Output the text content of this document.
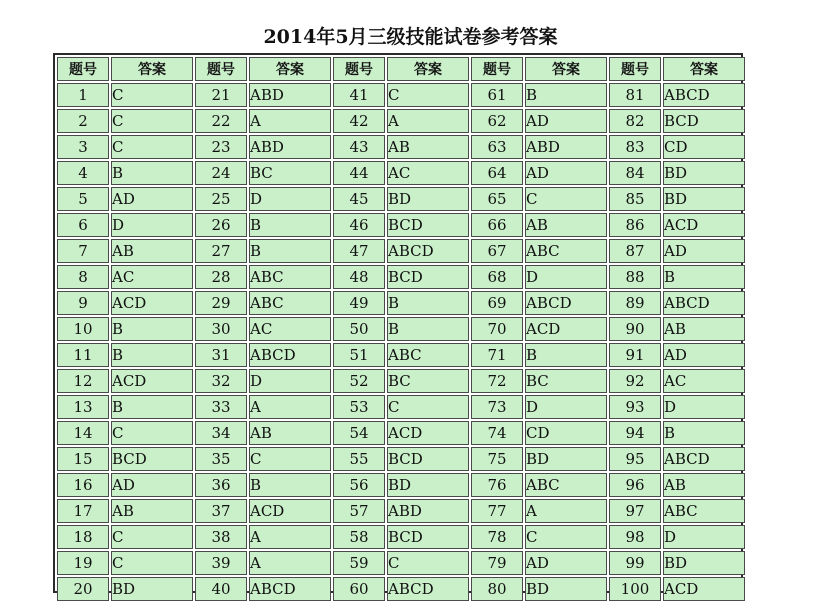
2014年5月三级技能试卷参考答案
题号	答案	题号	答案	题号	答案	题号	答案	题号	答案
1	C	21	ABD	41	C	61	B	81	ABCD
2	C	22	A	42	A	62	AD	82	BCD
3	C	23	ABD	43	AB	63	ABD	83	CD
4	B	24	BC	44	AC	64	AD	84	BD
5	AD	25	D	45	BD	65	C	85	BD
6	D	26	B	46	BCD	66	AB	86	ACD
7	AB	27	B	47	ABCD	67	ABC	87	AD
8	AC	28	ABC	48	BCD	68	D	88	B
9	ACD	29	ABC	49	B	69	ABCD	89	ABCD
10	B	30	AC	50	B	70	ACD	90	AB
11	B	31	ABCD	51	ABC	71	B	91	AD
12	ACD	32	D	52	BC	72	BC	92	AC
13	B	33	A	53	C	73	D	93	D
14	C	34	AB	54	ACD	74	CD	94	B
15	BCD	35	C	55	BCD	75	BD	95	ABCD
16	AD	36	B	56	BD	76	ABC	96	AB
17	AB	37	ACD	57	ABD	77	A	97	ABC
18	C	38	A	58	BCD	78	C	98	D
19	C	39	A	59	C	79	AD	99	BD
20	BD	40	ABCD	60	ABCD	80	BD	100	ACD
